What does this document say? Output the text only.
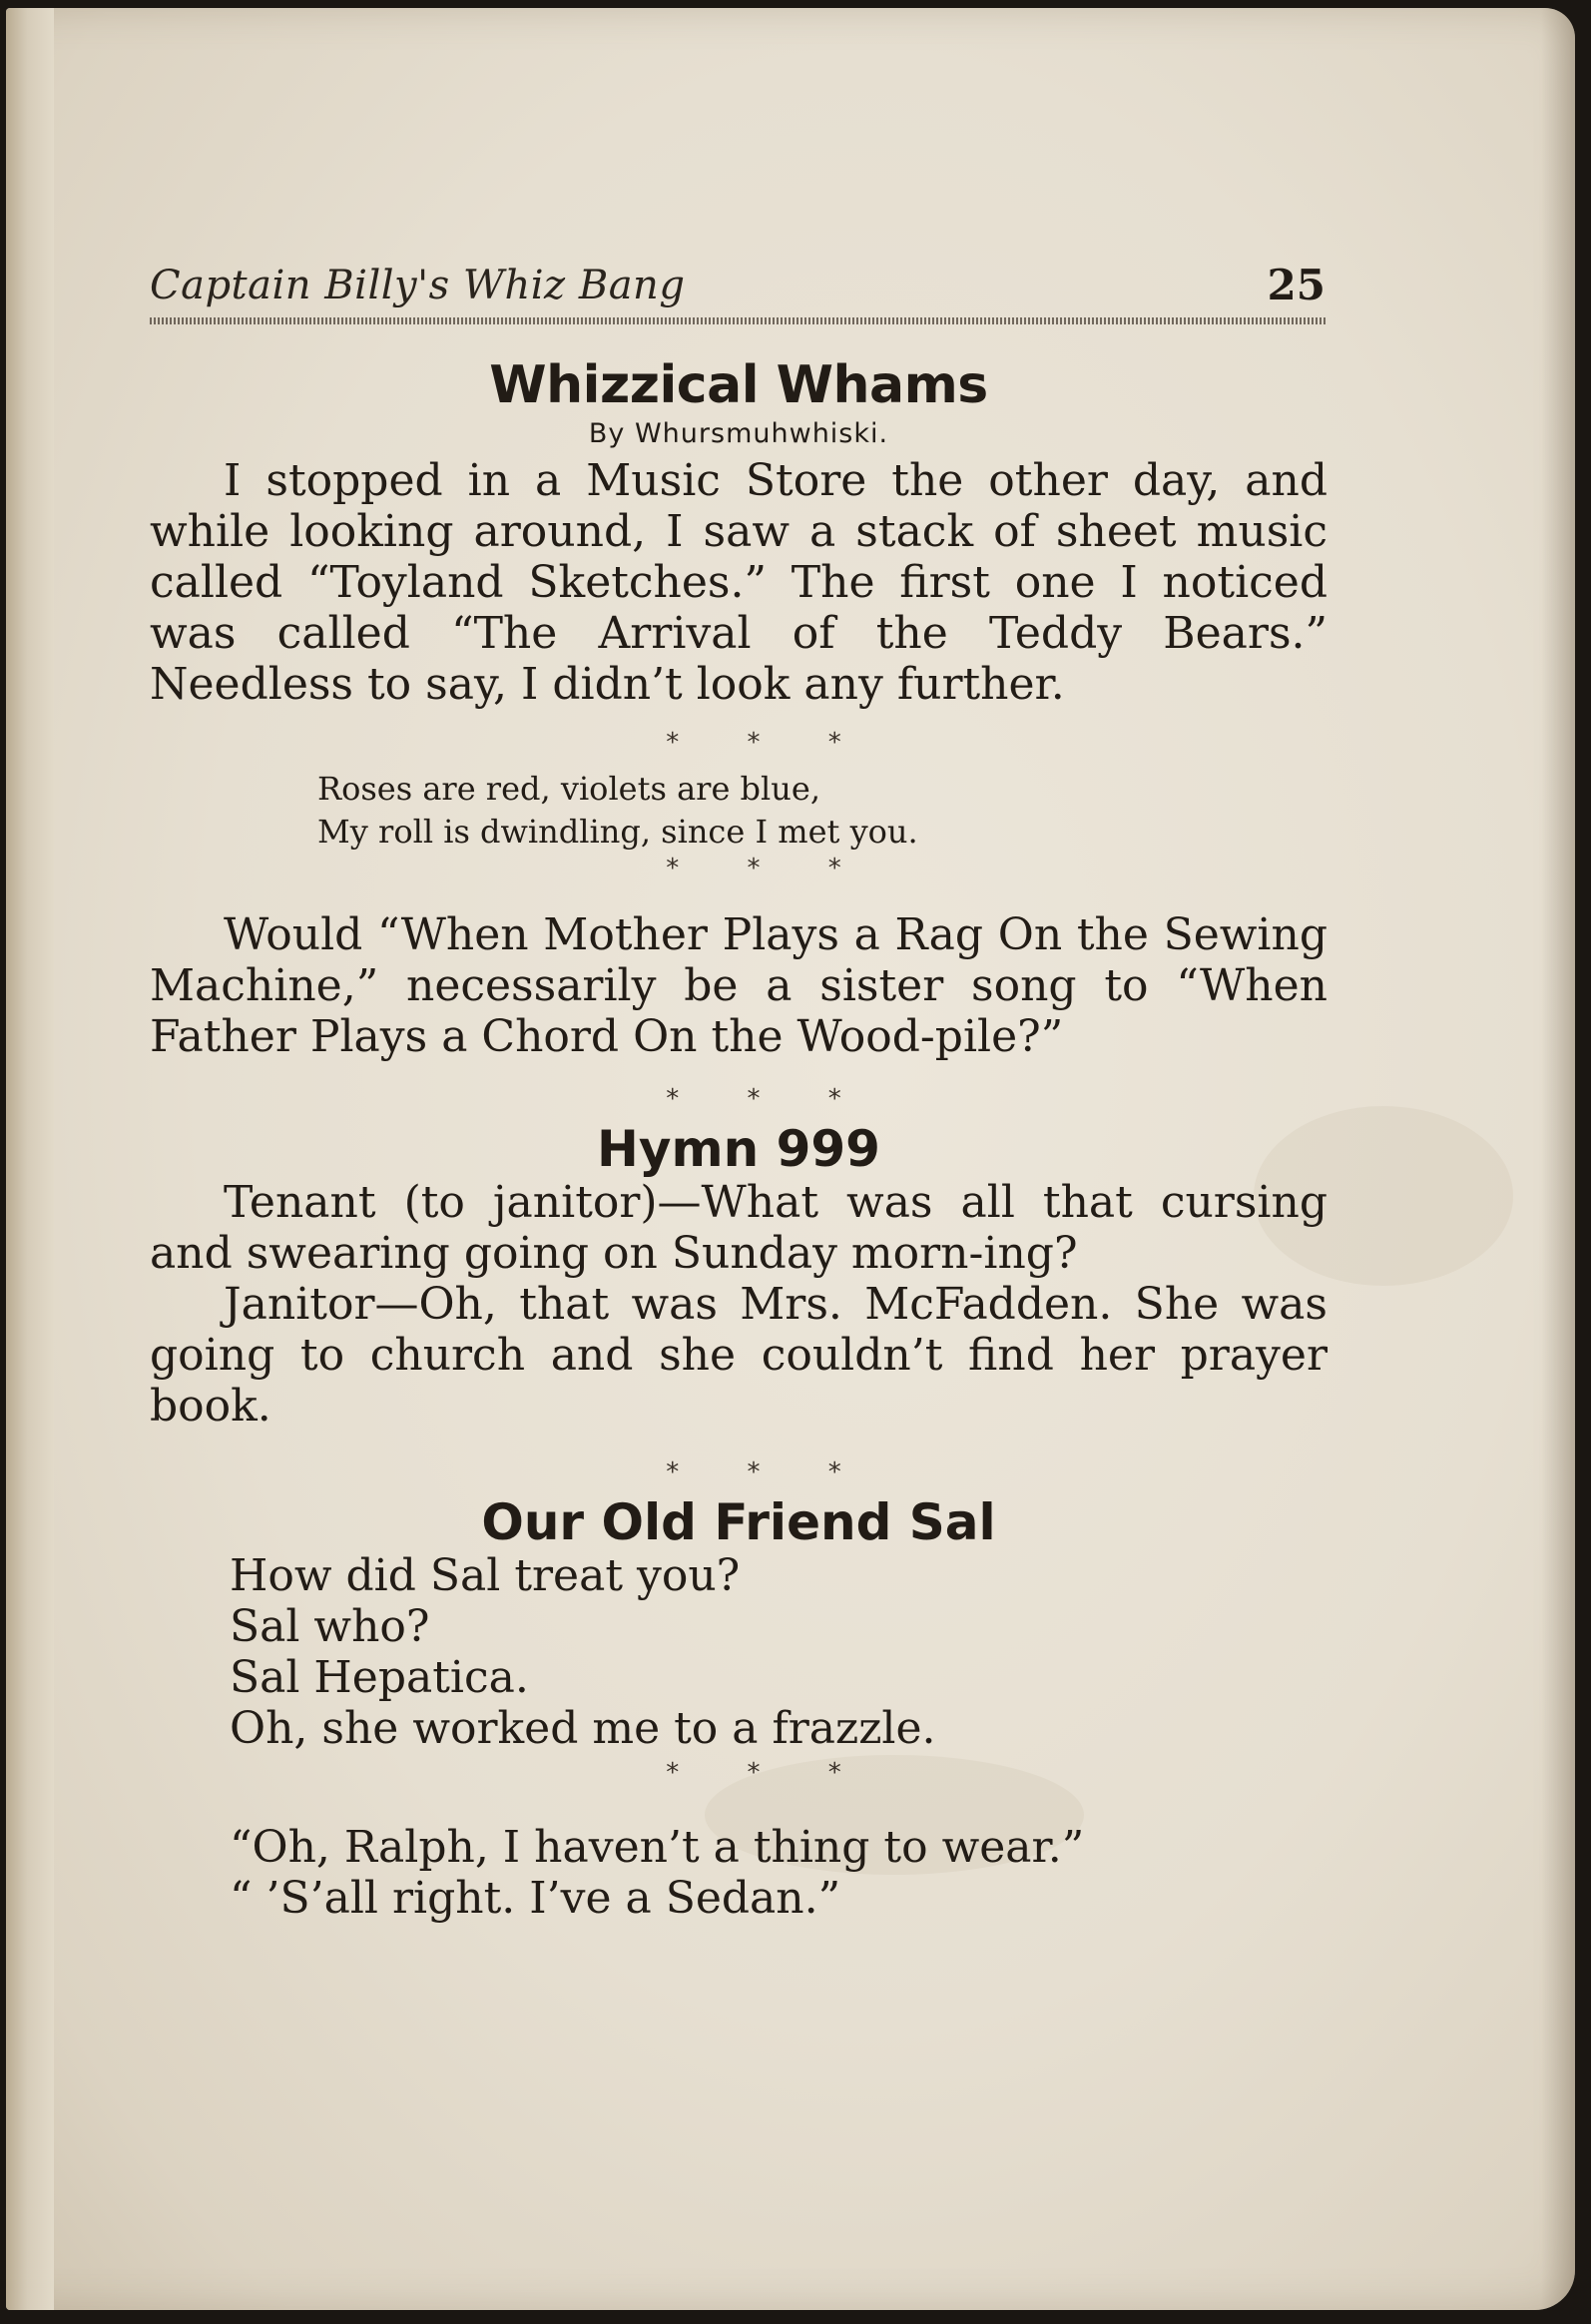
Captain Billy's Whiz Bang	25
Whizzical Whams
By Whursmuhwhiski.

I stopped in a Music Store the other day, and while looking around, I saw a stack of sheet music called “Toyland Sketches.” The first one I noticed was called “The Arrival of the Teddy Bears.” Needless to say, I didn’t look any further.

* * *
Roses are red, violets are blue,
My roll is dwindling, since I met you.
* * *

Would “When Mother Plays a Rag On the Sewing Machine,” necessarily be a sister song to “When Father Plays a Chord On the Wood-pile?”

* * *
Hymn 999

Tenant (to janitor)—What was all that cursing and swearing going on Sunday morn-ing?

Janitor—Oh, that was Mrs. McFadden. She was going to church and she couldn’t find her prayer book.

* * *
Our Old Friend Sal
How did Sal treat you?
Sal who?
Sal Hepatica.
Oh, she worked me to a frazzle.
* * *
“Oh, Ralph, I haven’t a thing to wear.”
“ ’S’all right. I’ve a Sedan.”
